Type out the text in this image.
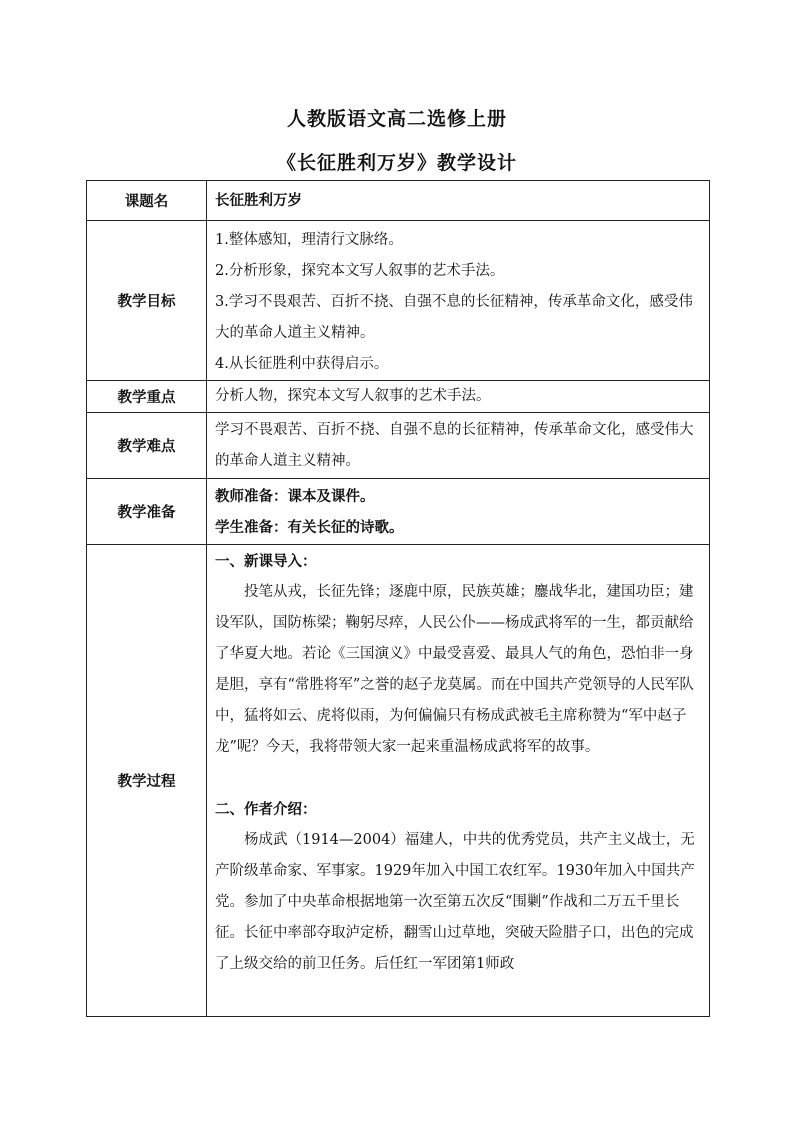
人教版语文高二选修上册
《长征胜利万岁》教学设计
课题名	长征胜利万岁

教学目标	1.整体感知，理清行文脉络。
2.分析形象，探究本文写人叙事的艺术手法。
3.学习不畏艰苦、百折不挠、自强不息的长征精神，传承革命文化，感受伟大的革命人道主义精神。
4.从长征胜利中获得启示。

教学重点	分析人物，探究本文写人叙事的艺术手法。

教学难点	学习不畏艰苦、百折不挠、自强不息的长征精神，传承革命文化，感受伟大的革命人道主义精神。

教学准备	教师准备：课本及课件。
学生准备：有关长征的诗歌。

教学过程	一、新课导入：
投笔从戎，长征先锋；逐鹿中原，民族英雄；鏖战华北，建国功臣；建设军队，国防栋梁；鞠躬尽瘁，人民公仆——杨成武将军的一生，都贡献给了华夏大地。若论《三国演义》中最受喜爱、最具人气的角色，恐怕非一身是胆，享有“常胜将军”之誉的赵子龙莫属。而在中国共产党领导的人民军队中，猛将如云、虎将似雨，为何偏偏只有杨成武被毛主席称赞为“军中赵子龙”呢？今天，我将带领大家一起来重温杨成武将军的故事。
二、作者介绍：
杨成武（1914—2004）福建人，中共的优秀党员，共产主义战士，无产阶级革命家、军事家。1929年加入中国工农红军。1930年加入中国共产党。参加了中央革命根据地第一次至第五次反“围剿”作战和二万五千里长征。长征中率部夺取泸定桥，翻雪山过草地，突破天险腊子口，出色的完成了上级交给的前卫任务。后任红一军团第1师政
